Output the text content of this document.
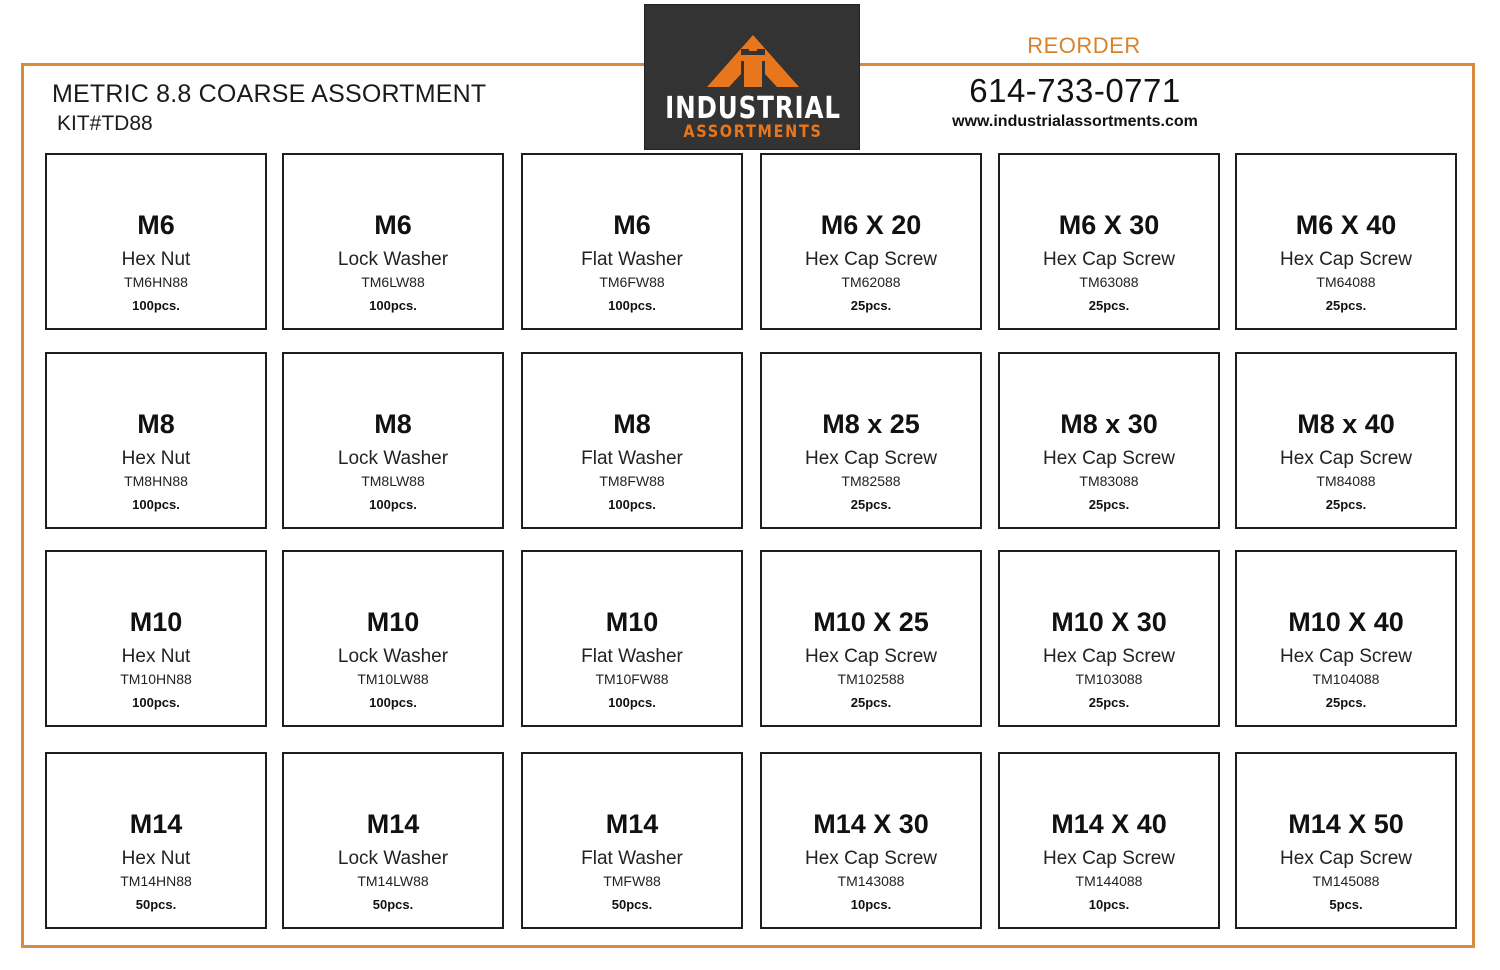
METRIC 8.8 COARSE ASSORTMENT
KIT#TD88	INDUSTRIAL
ASSORTMENTS
REORDER
614-733-0771
www.industrialassortments.com
M6
Hex Nut
TM6HN88
100pcs.
M6
Lock Washer
TM6LW88
100pcs.
M6
Flat Washer
TM6FW88
100pcs.
M6 X 20
Hex Cap Screw
TM62088
25pcs.
M6 X 30
Hex Cap Screw
TM63088
25pcs.
M6 X 40
Hex Cap Screw
TM64088
25pcs.
M8
Hex Nut
TM8HN88
100pcs.
M8
Lock Washer
TM8LW88
100pcs.
M8
Flat Washer
TM8FW88
100pcs.
M8 x 25
Hex Cap Screw
TM82588
25pcs.
M8 x 30
Hex Cap Screw
TM83088
25pcs.
M8 x 40
Hex Cap Screw
TM84088
25pcs.
M10
Hex Nut
TM10HN88
100pcs.
M10
Lock Washer
TM10LW88
100pcs.
M10
Flat Washer
TM10FW88
100pcs.
M10 X 25
Hex Cap Screw
TM102588
25pcs.
M10 X 30
Hex Cap Screw
TM103088
25pcs.
M10 X 40
Hex Cap Screw
TM104088
25pcs.
M14
Hex Nut
TM14HN88
50pcs.
M14
Lock Washer
TM14LW88
50pcs.
M14
Flat Washer
TMFW88
50pcs.
M14 X 30
Hex Cap Screw
TM143088
10pcs.
M14 X 40
Hex Cap Screw
TM144088
10pcs.
M14 X 50
Hex Cap Screw
TM145088
5pcs.
